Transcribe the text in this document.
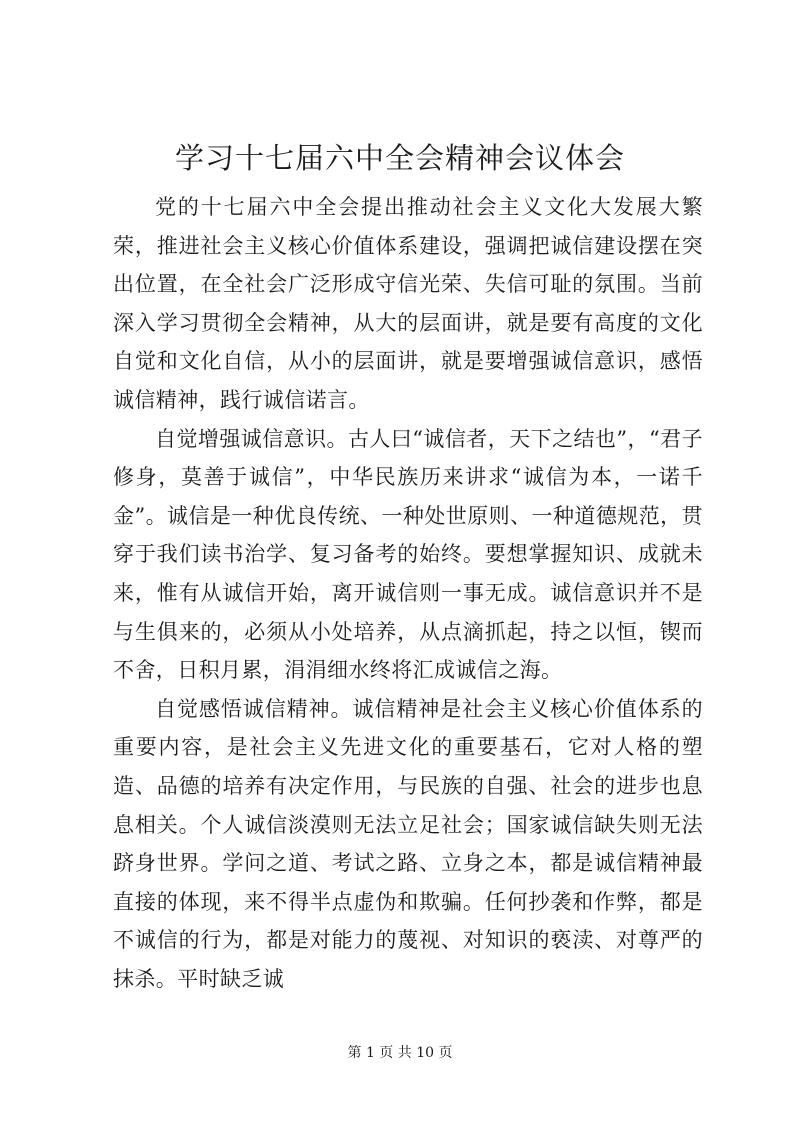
学习十七届六中全会精神会议体会

党的十七届六中全会提出推动社会主义文化大发展大繁荣，推进社会主义核心价值体系建设，强调把诚信建设摆在突出位置，在全社会广泛形成守信光荣、失信可耻的氛围。当前深入学习贯彻全会精神，从大的层面讲，就是要有高度的文化自觉和文化自信，从小的层面讲，就是要增强诚信意识，感悟诚信精神，践行诚信诺言。

自觉增强诚信意识。古人曰“诚信者，天下之结也”，“君子修身，莫善于诚信”，中华民族历来讲求“诚信为本，一诺千金”。诚信是一种优良传统、一种处世原则、一种道德规范，贯穿于我们读书治学、复习备考的始终。要想掌握知识、成就未来，惟有从诚信开始，离开诚信则一事无成。诚信意识并不是与生俱来的，必须从小处培养，从点滴抓起，持之以恒，锲而不舍，日积月累，涓涓细水终将汇成诚信之海。

自觉感悟诚信精神。诚信精神是社会主义核心价值体系的重要内容，是社会主义先进文化的重要基石，它对人格的塑造、品德的培养有决定作用，与民族的自强、社会的进步也息息相关。个人诚信淡漠则无法立足社会；国家诚信缺失则无法跻身世界。学问之道、考试之路、立身之本，都是诚信精神最直接的体现，来不得半点虚伪和欺骗。任何抄袭和作弊，都是不诚信的行为，都是对能力的蔑视、对知识的亵渎、对尊严的抹杀。平时缺乏诚

第 1 页 共 10 页
